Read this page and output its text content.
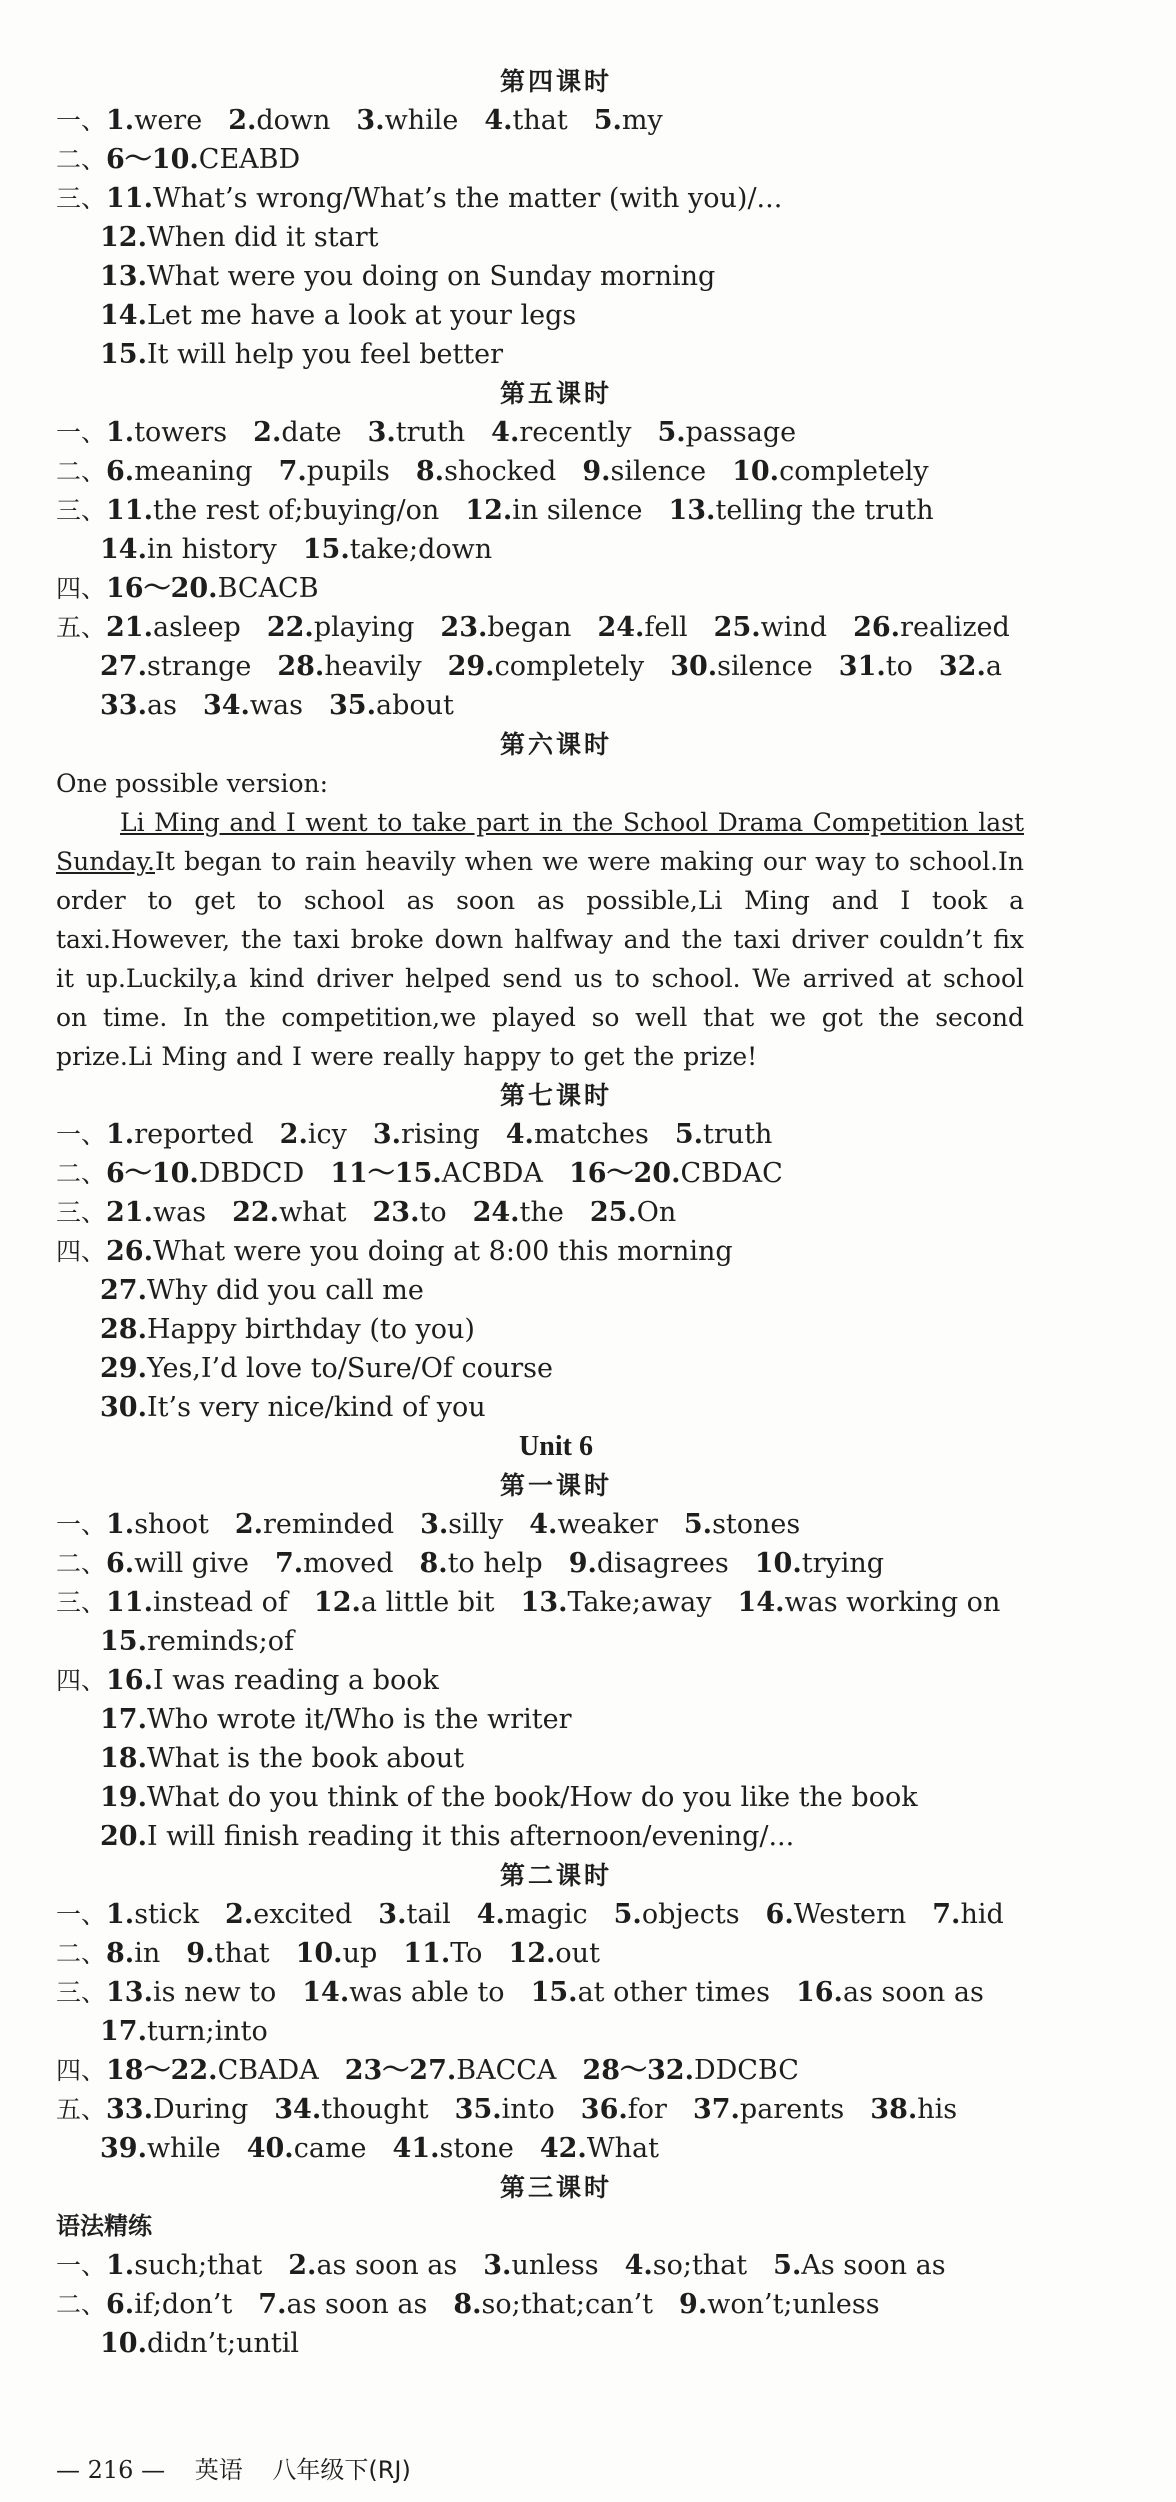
第四课时
一、1.were 2.down 3.while 4.that 5.my
二、6～10.CEABD
三、11.What’s wrong/What’s the matter (with you)/...
12.When did it start
13.What were you doing on Sunday morning
14.Let me have a look at your legs
15.It will help you feel better
第五课时
一、1.towers 2.date 3.truth 4.recently 5.passage
二、6.meaning 7.pupils 8.shocked 9.silence 10.completely
三、11.the rest of;buying/on 12.in silence 13.telling the truth
14.in history 15.take;down
四、16～20.BCACB
五、21.asleep 22.playing 23.began 24.fell 25.wind 26.realized
27.strange 28.heavily 29.completely 30.silence 31.to 32.a
33.as 34.was 35.about
第六课时
One possible version:
Li Ming and I went to take part in the School Drama Competition last Sunday.It began to rain heavily when we were making our way to school.In order to get to school as soon as possible,Li Ming and I took a taxi.However, the taxi broke down halfway and the taxi driver couldn’t fix it up.Luckily,a kind driver helped send us to school. We arrived at school on time. In the competition,we played so well that we got the second prize.Li Ming and I were really happy to get the prize!
第七课时
一、1.reported 2.icy 3.rising 4.matches 5.truth
二、6～10.DBDCD 11～15.ACBDA 16～20.CBDAC
三、21.was 22.what 23.to 24.the 25.On
四、26.What were you doing at 8:00 this morning
27.Why did you call me
28.Happy birthday (to you)
29.Yes,I’d love to/Sure/Of course
30.It’s very nice/kind of you
Unit 6
第一课时
一、1.shoot 2.reminded 3.silly 4.weaker 5.stones
二、6.will give 7.moved 8.to help 9.disagrees 10.trying
三、11.instead of 12.a little bit 13.Take;away 14.was working on
15.reminds;of
四、16.I was reading a book
17.Who wrote it/Who is the writer
18.What is the book about
19.What do you think of the book/How do you like the book
20.I will finish reading it this afternoon/evening/...
第二课时
一、1.stick 2.excited 3.tail 4.magic 5.objects 6.Western 7.hid
二、8.in 9.that 10.up 11.To 12.out
三、13.is new to 14.was able to 15.at other times 16.as soon as
17.turn;into
四、18～22.CBADA 23～27.BACCA 28～32.DDCBC
五、33.During 34.thought 35.into 36.for 37.parents 38.his
39.while 40.came 41.stone 42.What
第三课时
语法精练
一、1.such;that 2.as soon as 3.unless 4.so;that 5.As soon as
二、6.if;don’t 7.as soon as 8.so;that;can’t 9.won’t;unless
10.didn’t;until
— 216 — 英语 八年级下(RJ)
